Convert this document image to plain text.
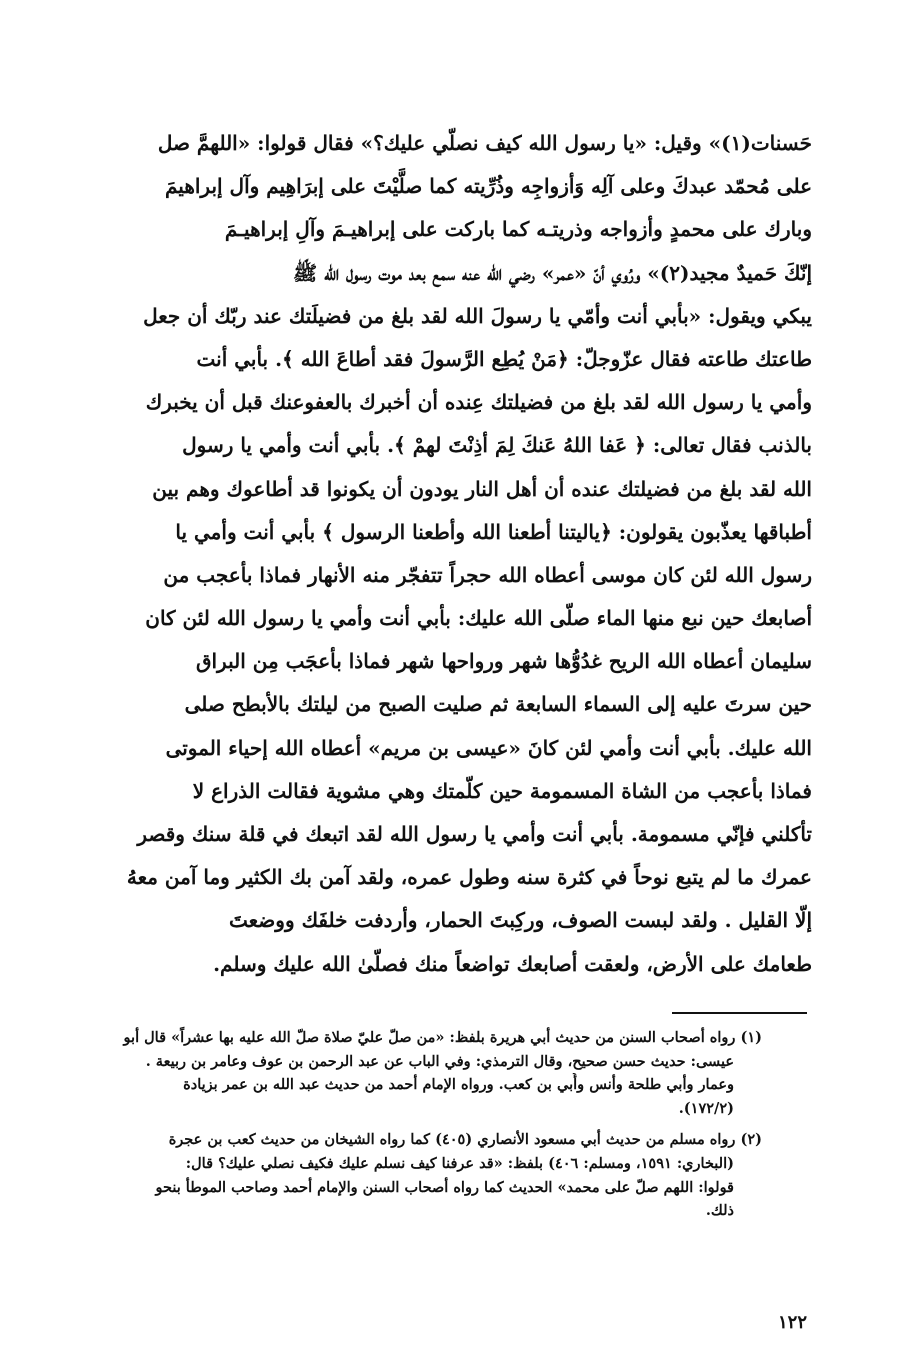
حَسنات(١)» وقيل: «يا رسول الله كيف نصلّي عليك؟» فقال قولوا: «اللهمَّ صل
على مُحمّد عبدكَ وعلى آلِه وَأزواجِه وذُرِّيته كما صلَّيْتَ على إبرَاهِيم وآل إبراهيمَ
وبارك على محمدٍ وأزواجه وذريتـه كما باركت على إبراهيـمَ وآلِ إبراهيـمَ
إنّكَ حَميدٌ مجيد(٢)» ورُوي أنّ «عمر» رضي الله عنه سمع بعد موت رسول الله ﷺ
يبكي ويقول: «بأبي أنت وأمّي يا رسولَ الله لقد بلغ من فضيلَتك عند ربّك أن جعل
طاعتك طاعته فقال عزّوجلّ: ﴿مَنْ يُطِع الرَّسولَ فقد أطاعَ الله ﴾. بأبي أنت
وأمي يا رسول الله لقد بلغ من فضيلتك عِنده أن أخبرك بالعفوعنك قبل أن يخبرك
بالذنب فقال تعالى: ﴿ عَفا اللهُ عَنكَ لِمَ أذِنْتَ لهمْ ﴾. بأبي أنت وأمي يا رسول
الله لقد بلغ من فضيلتك عنده أن أهل النار يودون أن يكونوا قد أطاعوك وهم بين
أطباقها يعذّبون يقولون: ﴿ياليتنا أطعنا الله وأطعنا الرسول ﴾ بأبي أنت وأمي يا
رسول الله لئن كان موسى أعطاه الله حجراً تتفجّر منه الأنهار فماذا بأعجب من
أصابعك حين نبع منها الماء صلّى الله عليك: بأبي أنت وأمي يا رسول الله لئن كان
سليمان أعطاه الله الريح غدُوُّها شهر ورواحها شهر فماذا بأعجَب مِن البراق
حين سرتَ عليه إلى السماء السابعة ثم صليت الصبح من ليلتك بالأبطح صلى
الله عليك. بأبي أنت وأمي لئن كانَ «عيسى بن مريم» أعطاه الله إحياء الموتى
فماذا بأعجب من الشاة المسمومة حين كلّمتك وهي مشوية فقالت الذراع لا
تأكلني فإنّي مسمومة. بأبي أنت وأمي يا رسول الله لقد اتبعك في قلة سنك وقصر
عمرك ما لم يتبع نوحاً في كثرة سنه وطول عمره، ولقد آمن بك الكثير وما آمن معهُ
إلّا القليل . ولقد لبست الصوف، وركِبتَ الحمار، وأردفت خلفَك ووضعتَ
طعامك على الأرض، ولعقت أصابعك تواضعاً منك فصلّىٰ الله عليك وسلم.
(١) رواه أصحاب السنن من حديث أبي هريرة بلفظ: «من صلّ عليّ صلاة صلّ الله عليه بها عشراً» قال أبو
عيسى: حديث حسن صحيح، وقال الترمذي: وفي الباب عن عبد الرحمن بن عوف وعامر بن ربيعة .
وعمار وأبي طلحة وأنس وأُبي بن كعب. ورواه الإمام أحمد من حديث عبد الله بن عمر بزيادة
(١٧٢/٢).
(٢) رواه مسلم من حديث أبي مسعود الأنصاري (٤٠٥) كما رواه الشيخان من حديث كعب بن عجرة
(البخاري: ١٥٩١، ومسلم: ٤٠٦) بلفظ: «قد عرفنا كيف نسلم عليك فكيف نصلي عليك؟ قال:
قولوا: اللهم صلّ على محمد» الحديث كما رواه أصحاب السنن والإمام أحمد وصاحب الموطأ بنحو
ذلك.
١٢٢
